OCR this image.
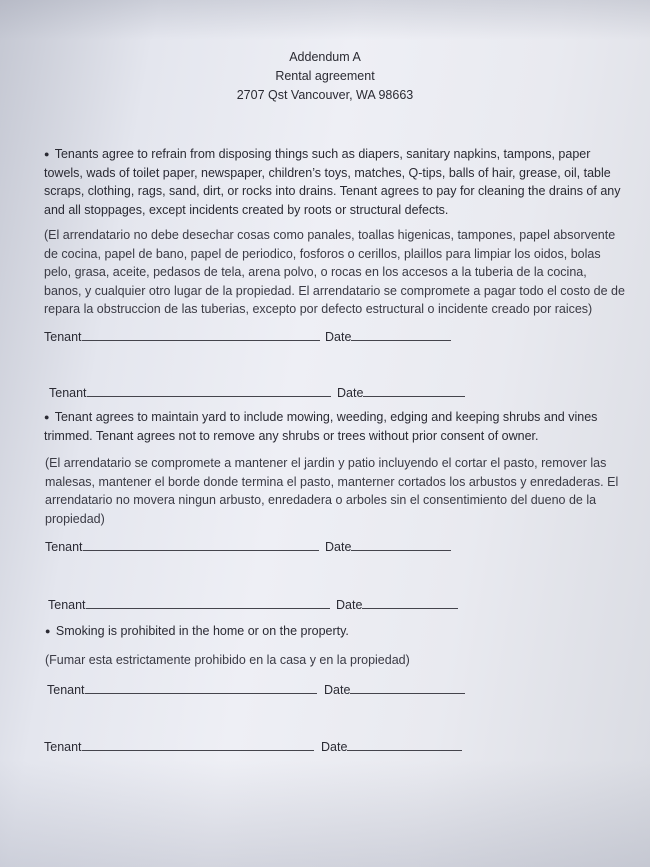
Addendum A
Rental agreement
2707 Qst Vancouver, WA 98663

● Tenants agree to refrain from disposing things such as diapers, sanitary napkins, tampons, paper towels, wads of toilet paper, newspaper, children’s toys, matches, Q-tips, balls of hair, grease, oil, table scraps, clothing, rags, sand, dirt, or rocks into drains. Tenant agrees to pay for cleaning the drains of any and all stoppages, except incidents created by roots or structural defects.

(El arrendatario no debe desechar cosas como panales, toallas higenicas, tampones, papel absorvente de cocina, papel de bano, papel de periodico, fosforos o cerillos, plaillos para limpiar los oidos, bolas pelo, grasa, aceite, pedasos de tela, arena polvo, o rocas en los accesos a la tuberia de la cocina, banos, y cualquier otro lugar de la propiedad. El arrendatario se compromete a pagar todo el costo de de repara la obstruccion de las tuberias, excepto por defecto estructural o incidente creado por raices)

Tenant	Date
Tenant	Date

● Tenant agrees to maintain yard to include mowing, weeding, edging and keeping shrubs and vines trimmed. Tenant agrees not to remove any shrubs or trees without prior consent of owner.

(El arrendatario se compromete a mantener el jardin y patio incluyendo el cortar el pasto, remover las malesas, mantener el borde donde termina el pasto, manterner cortados los arbustos y enredaderas. El arrendatario no movera ningun arbusto, enredadera o arboles sin el consentimiento del dueno de la propiedad)

Tenant	Date
Tenant	Date

● Smoking is prohibited in the home or on the property.

(Fumar esta estrictamente prohibido en la casa y en la propiedad)

Tenant	Date
Tenant	Date
